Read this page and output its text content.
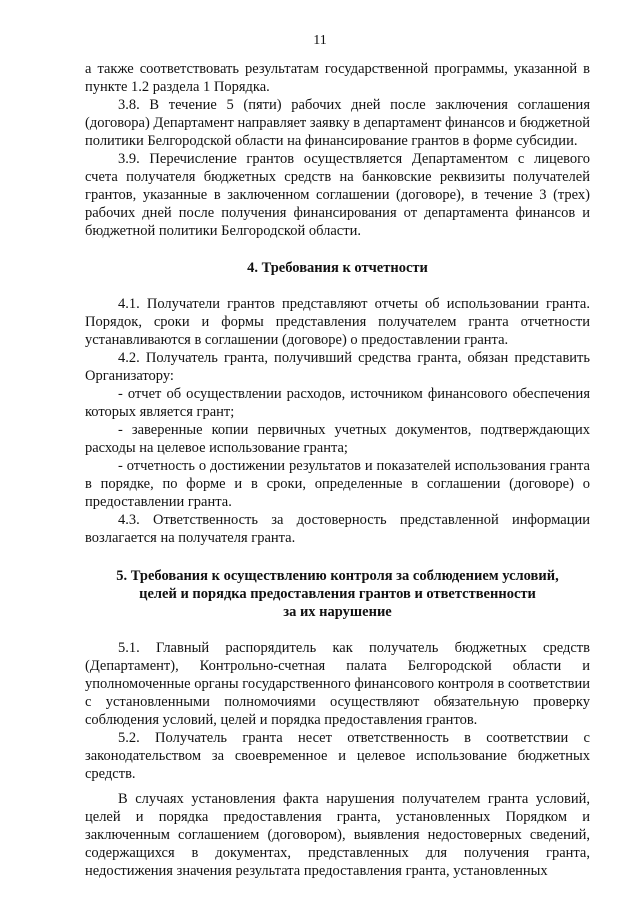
11

а также соответствовать результатам государственной программы, указанной в пункте 1.2 раздела 1 Порядка.

3.8. В течение 5 (пяти) рабочих дней после заключения соглашения (договора) Департамент направляет заявку в департамент финансов и бюджетной политики Белгородской области на финансирование грантов в форме субсидии.

3.9. Перечисление грантов осуществляется Департаментом с лицевого счета получателя бюджетных средств на банковские реквизиты получателей грантов, указанные в заключенном соглашении (договоре), в течение 3 (трех) рабочих дней после получения финансирования от департамента финансов и бюджетной политики Белгородской области.

4. Требования к отчетности

4.1. Получатели грантов представляют отчеты об использовании гранта. Порядок, сроки и формы представления получателем гранта отчетности устанавливаются в соглашении (договоре) о предоставлении гранта.

4.2. Получатель гранта, получивший средства гранта, обязан представить Организатору:

- отчет об осуществлении расходов, источником финансового обеспечения которых является грант;

- заверенные копии первичных учетных документов, подтверждающих расходы на целевое использование гранта;

- отчетность о достижении результатов и показателей использования гранта в порядке, по форме и в сроки, определенные в соглашении (договоре) о предоставлении гранта.

4.3. Ответственность за достоверность представленной информации возлагается на получателя гранта.

5. Требования к осуществлению контроля за соблюдением условий,
целей и порядка предоставления грантов и ответственности
за их нарушение

5.1. Главный распорядитель как получатель бюджетных средств (Департамент), Контрольно-счетная палата Белгородской области и уполномоченные органы государственного финансового контроля в соответствии с установленными полномочиями осуществляют обязательную проверку соблюдения условий, целей и порядка предоставления грантов.

5.2. Получатель гранта несет ответственность в соответствии с законодательством за своевременное и целевое использование бюджетных средств.

В случаях установления факта нарушения получателем гранта условий, целей и порядка предоставления гранта, установленных Порядком и заключенным соглашением (договором), выявления недостоверных сведений, содержащихся в документах, представленных для получения гранта, недостижения значения результата предоставления гранта, установленных
